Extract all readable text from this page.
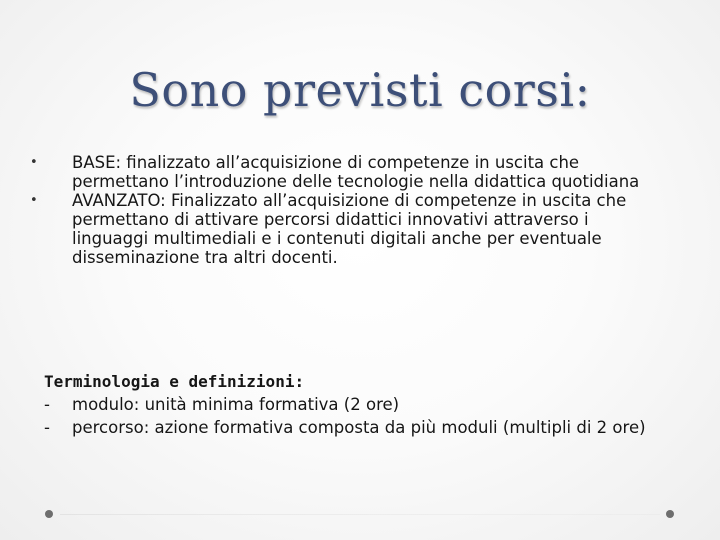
Sono previsti corsi:
• BASE: finalizzato all’acquisizione di competenze in uscita che permettano l’introduzione delle tecnologie nella didattica quotidiana
• AVANZATO: Finalizzato all’acquisizione di competenze in uscita che permettano di attivare percorsi didattici innovativi attraverso i linguaggi multimediali e i contenuti digitali anche per eventuale disseminazione tra altri docenti.
Terminologia e definizioni:
- modulo: unità minima formativa (2 ore)
- percorso: azione formativa composta da più moduli (multipli di 2 ore)
